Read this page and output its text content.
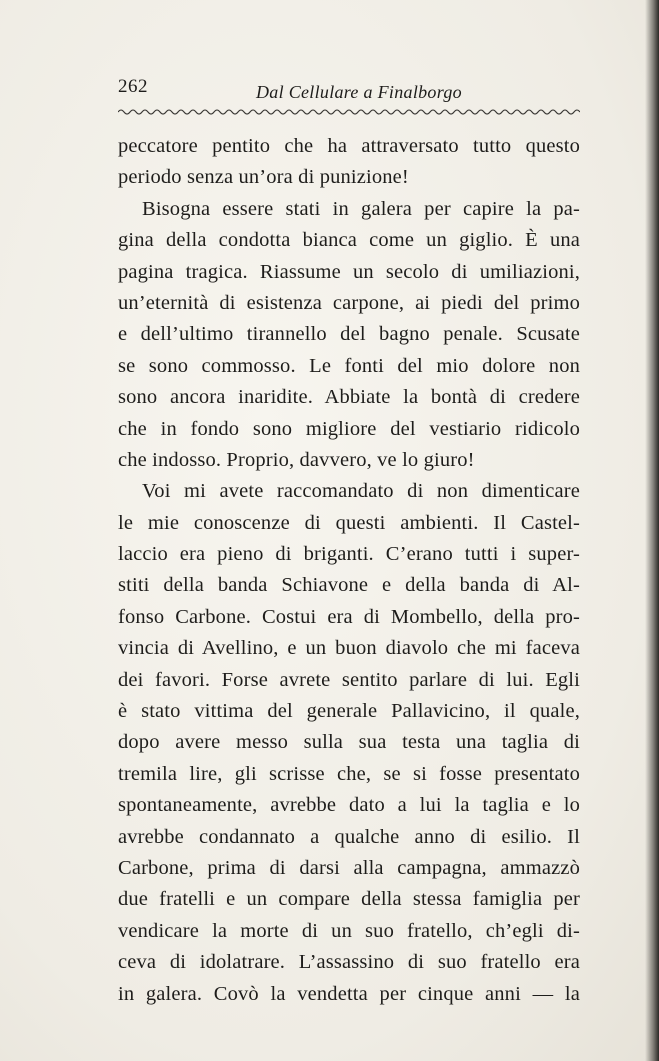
262	Dal Cellulare a Finalborgo
peccatore pentito che ha attraversato tutto questo
periodo senza un’ora di punizione!
Bisogna essere stati in galera per capire la pa-
gina della condotta bianca come un giglio. È una
pagina tragica. Riassume un secolo di umiliazioni,
un’eternità di esistenza carpone, ai piedi del primo
e dell’ultimo tirannello del bagno penale. Scusate
se sono commosso. Le fonti del mio dolore non
sono ancora inaridite. Abbiate la bontà di credere
che in fondo sono migliore del vestiario ridicolo
che indosso. Proprio, davvero, ve lo giuro!
Voi mi avete raccomandato di non dimenticare
le mie conoscenze di questi ambienti. Il Castel-
laccio era pieno di briganti. C’erano tutti i super-
stiti della banda Schiavone e della banda di Al-
fonso Carbone. Costui era di Mombello, della pro-
vincia di Avellino, e un buon diavolo che mi faceva
dei favori. Forse avrete sentito parlare di lui. Egli
è stato vittima del generale Pallavicino, il quale,
dopo avere messo sulla sua testa una taglia di
tremila lire, gli scrisse che, se si fosse presentato
spontaneamente, avrebbe dato a lui la taglia e lo
avrebbe condannato a qualche anno di esilio. Il
Carbone, prima di darsi alla campagna, ammazzò
due fratelli e un compare della stessa famiglia per
vendicare la morte di un suo fratello, ch’egli di-
ceva di idolatrare. L’assassino di suo fratello era
in galera. Covò la vendetta per cinque anni — la
